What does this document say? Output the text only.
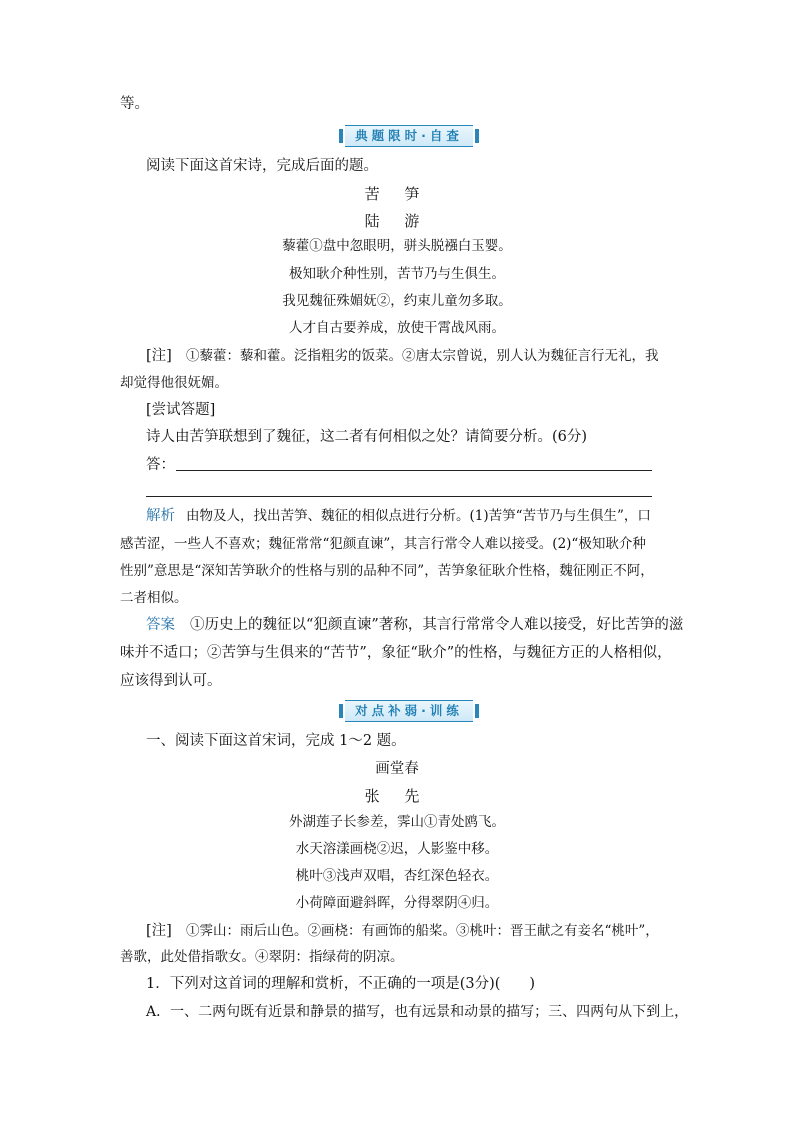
等。
典题限时·自查
阅读下面这首宋诗，完成后面的题。
苦 笋
陆 游
藜藿①盘中忽眼明，骈头脱襁白玉婴。
极知耿介种性别，苦节乃与生俱生。
我见魏征殊媚妩②，约束儿童勿多取。
人才自古要养成，放使干霄战风雨。
[注] ①藜藿：藜和藿。泛指粗劣的饭菜。②唐太宗曾说，别人认为魏征言行无礼，我
却觉得他很妩媚。
[尝试答题]
诗人由苦笋联想到了魏征，这二者有何相似之处？请简要分析。(6分)
答：
解析 由物及人，找出苦笋、魏征的相似点进行分析。(1)苦笋“苦节乃与生俱生”，口
感苦涩，一些人不喜欢；魏征常常“犯颜直谏”，其言行常令人难以接受。(2)“极知耿介种
性别”意思是“深知苦笋耿介的性格与别的品种不同”，苦笋象征耿介性格，魏征刚正不阿，
二者相似。
答案 ①历史上的魏征以“犯颜直谏”著称，其言行常常令人难以接受，好比苦笋的滋
味并不适口；②苦笋与生俱来的“苦节”，象征“耿介”的性格，与魏征方正的人格相似，
应该得到认可。
对点补弱·训练
一、阅读下面这首宋词，完成 1～2 题。
画堂春
张 先
外湖莲子长参差，霁山①青处鸥飞。
水天溶漾画桡②迟，人影鉴中移。
桃叶③浅声双唱，杏红深色轻衣。
小荷障面避斜晖，分得翠阴④归。
[注] ①霁山：雨后山色。②画桡：有画饰的船桨。③桃叶：晋王献之有妾名“桃叶”，
善歌，此处借指歌女。④翠阴：指绿荷的阴凉。
1．下列对这首词的理解和赏析，不正确的一项是(3分)(　　)
A．一、二两句既有近景和静景的描写，也有远景和动景的描写；三、四两句从下到上，
